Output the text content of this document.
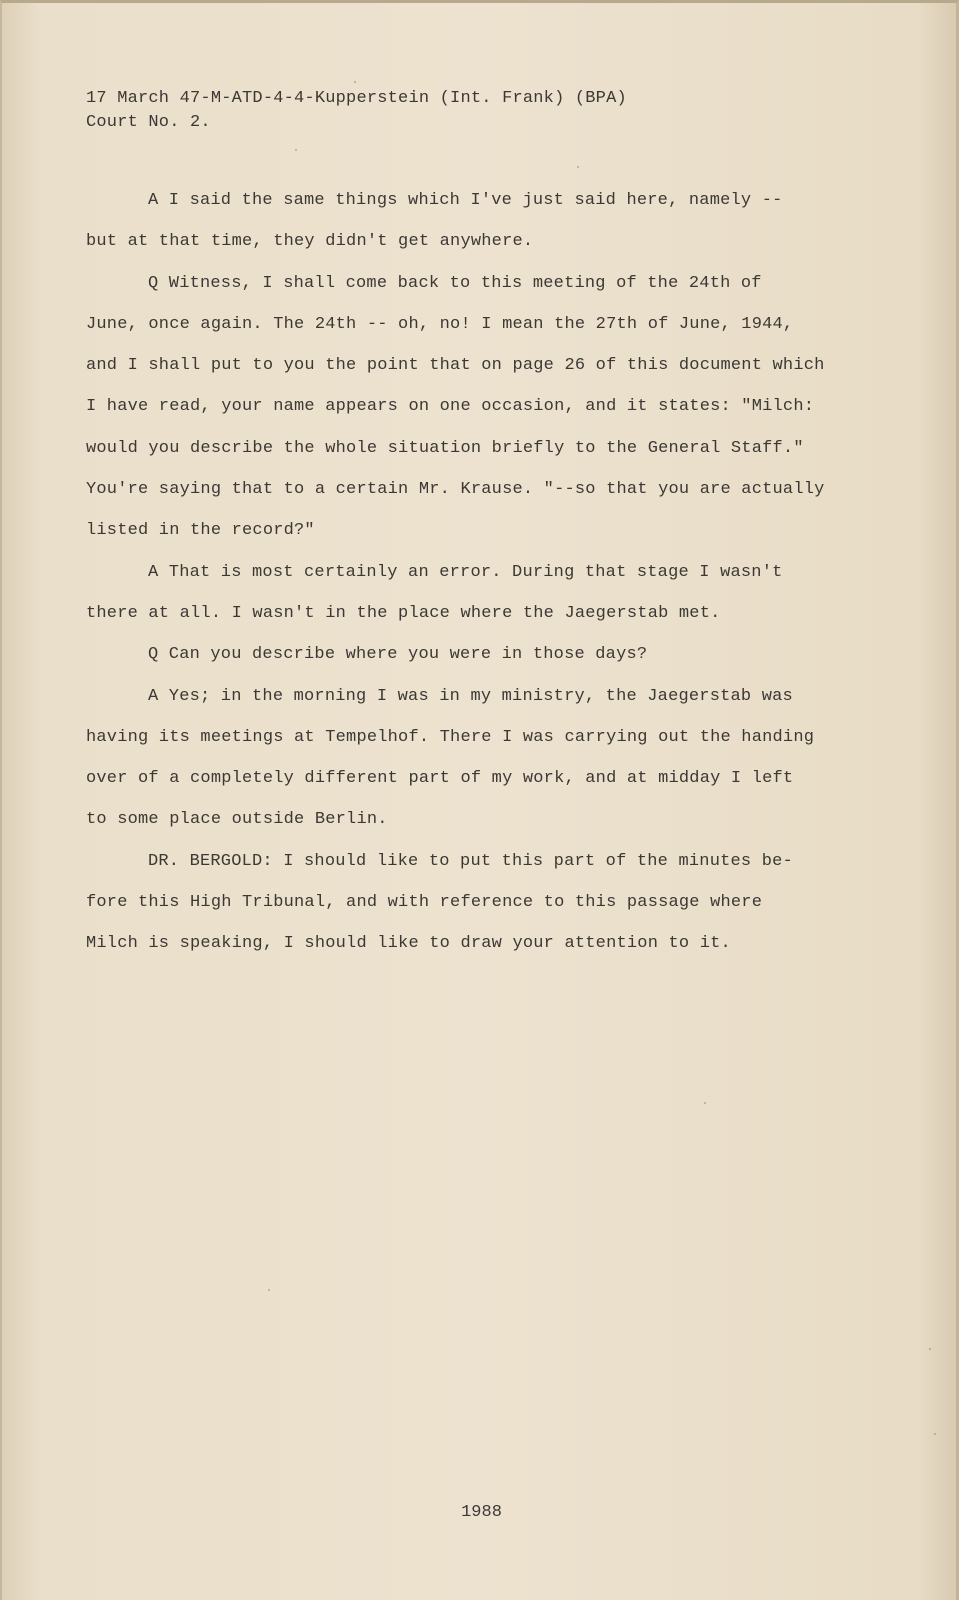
17 March 47-M-ATD-4-4-Kupperstein (Int. Frank) (BPA)
Court No. 2.
A I said the same things which I've just said here, namely --
but at that time, they didn't get anywhere.
Q Witness, I shall come back to this meeting of the 24th of
June, once again. The 24th -- oh, no! I mean the 27th of June, 1944,
and I shall put to you the point that on page 26 of this document which
I have read, your name appears on one occasion, and it states: "Milch:
would you describe the whole situation briefly to the General Staff."
You're saying that to a certain Mr. Krause. "--so that you are actually
listed in the record?"
A That is most certainly an error. During that stage I wasn't
there at all. I wasn't in the place where the Jaegerstab met.
Q Can you describe where you were in those days?
A Yes; in the morning I was in my ministry, the Jaegerstab was
having its meetings at Tempelhof. There I was carrying out the handing
over of a completely different part of my work, and at midday I left
to some place outside Berlin.
DR. BERGOLD: I should like to put this part of the minutes be-
fore this High Tribunal, and with reference to this passage where
Milch is speaking, I should like to draw your attention to it.
1988
